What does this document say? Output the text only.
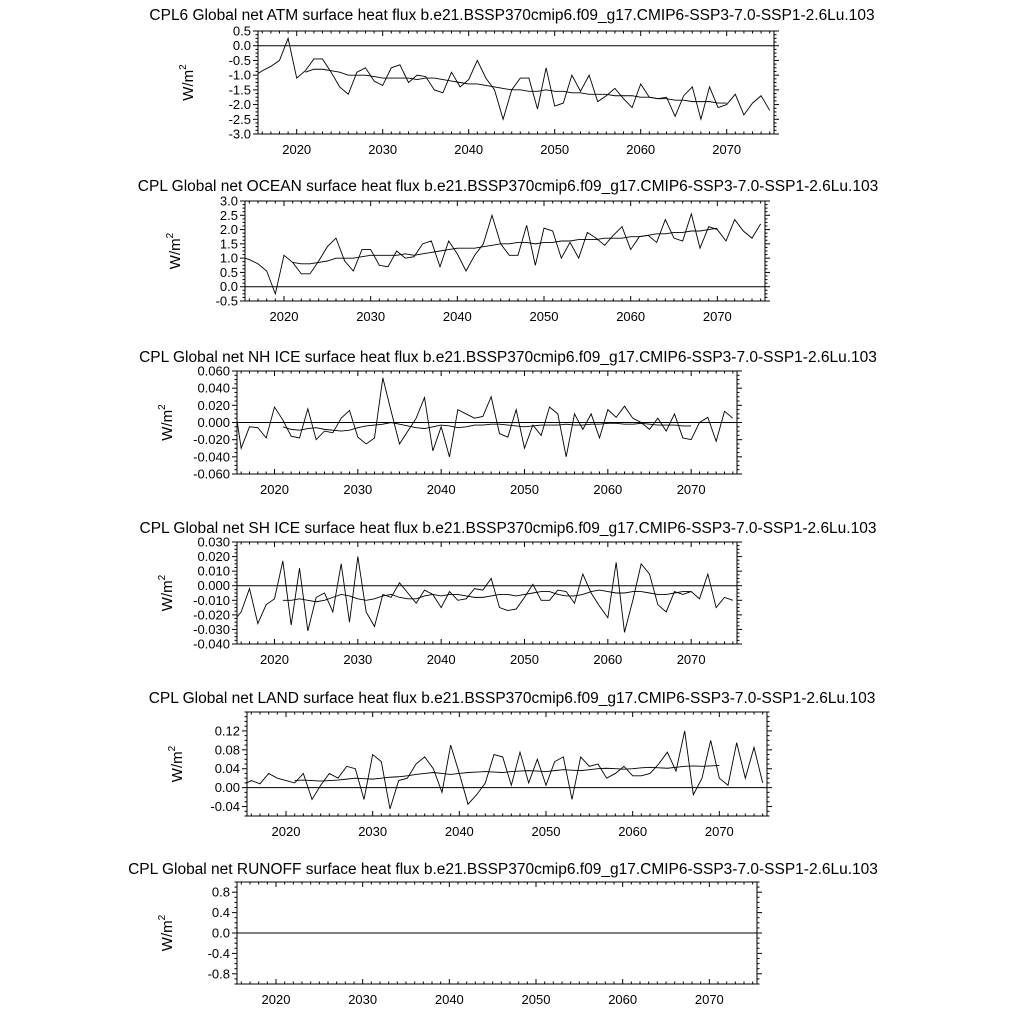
CPL6 Global net ATM surface heat flux b.e21.BSSP370cmip6.f09_g17.CMIP6-SSP3-7.0-SSP1-2.6Lu.103
2020	2030	2040	2050	2060	2070
-3.0
-2.5
-2.0
-1.5
-1.0
-0.5
0.0
0.5
$W/m^2$
CPL Global net OCEAN surface heat flux b.e21.BSSP370cmip6.f09_g17.CMIP6-SSP3-7.0-SSP1-2.6Lu.103
2020	2030	2040	2050	2060	2070
-0.5
0.0
0.5
1.0
1.5
2.0
2.5
3.0
$W/m^2$
CPL Global net NH ICE surface heat flux b.e21.BSSP370cmip6.f09_g17.CMIP6-SSP3-7.0-SSP1-2.6Lu.103
2020	2030	2040	2050	2060	2070
-0.060
-0.040
-0.020
0.000
0.020
0.040
0.060
$W/m^2$
CPL Global net SH ICE surface heat flux b.e21.BSSP370cmip6.f09_g17.CMIP6-SSP3-7.0-SSP1-2.6Lu.103
2020	2030	2040	2050	2060	2070
-0.040
-0.030
-0.020
-0.010
0.000
0.010
0.020
0.030
$W/m^2$
CPL Global net LAND surface heat flux b.e21.BSSP370cmip6.f09_g17.CMIP6-SSP3-7.0-SSP1-2.6Lu.103
2020	2030	2040	2050	2060	2070
-0.04
0.00
0.04
0.08
0.12
$W/m^2$
CPL Global net RUNOFF surface heat flux b.e21.BSSP370cmip6.f09_g17.CMIP6-SSP3-7.0-SSP1-2.6Lu.103
2020	2030	2040	2050	2060	2070
-0.8
-0.4
0.0
0.4
0.8
$W/m^2$
